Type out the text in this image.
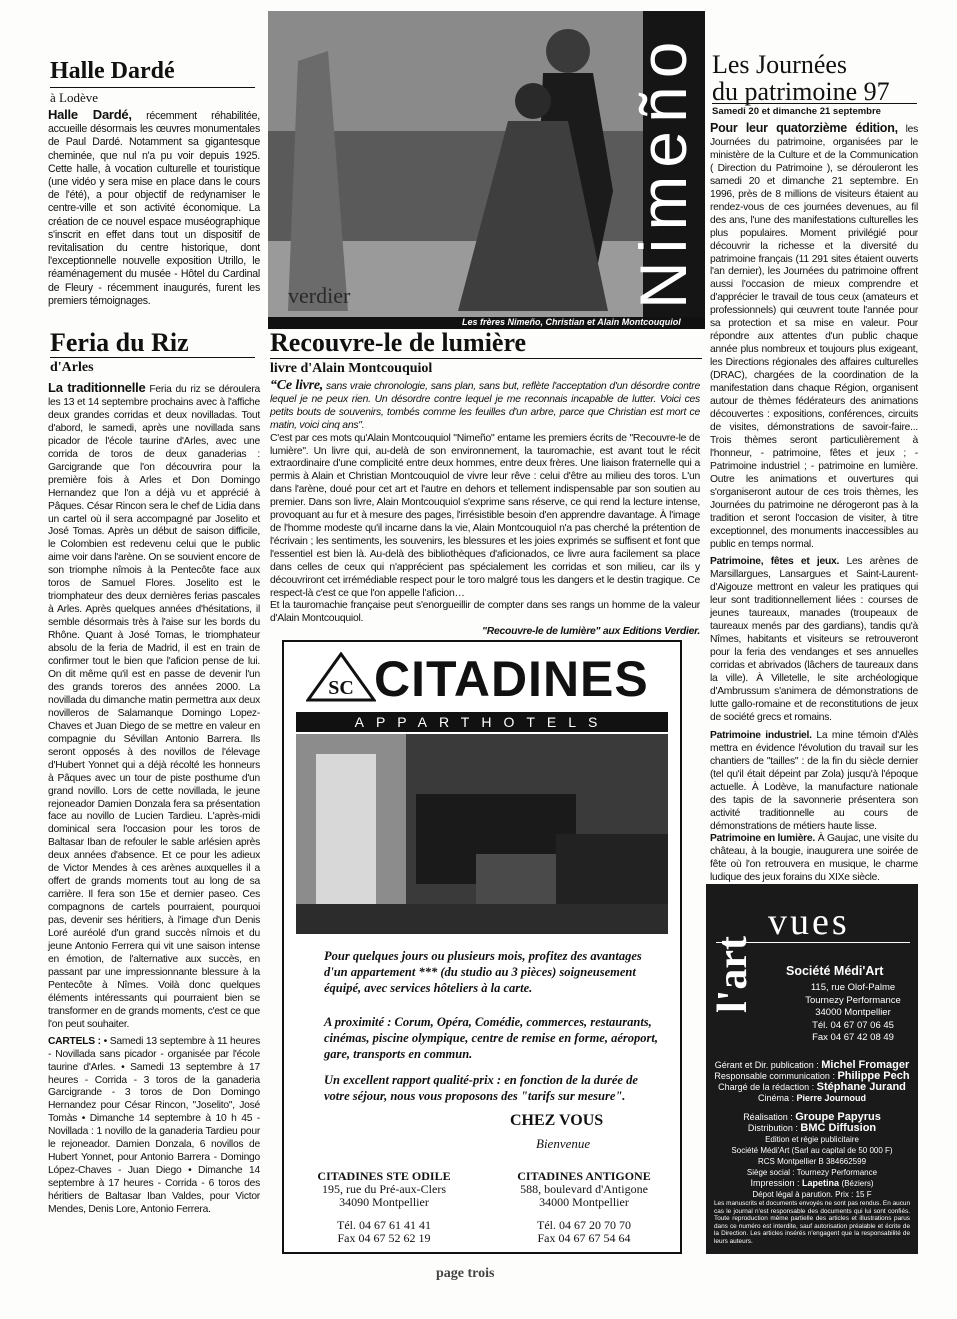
Halle Dardé
à Lodève

Halle Dardé, récemment réhabilitée, accueille désormais les œuvres monumentales de Paul Dardé. Notamment sa gigantesque cheminée, que nul n'a pu voir depuis 1925. Cette halle, à vocation culturelle et touristique (une vidéo y sera mise en place dans le cours de l'été), a pour objectif de redynamiser le centre-ville et son activité économique. La création de ce nouvel espace muséographique s'inscrit en effet dans tout un dispositif de revitalisation du centre historique, dont l'exceptionnelle nouvelle exposition Utrillo, le réaménagement du musée - Hôtel du Cardinal de Fleury - récemment inaugurés, furent les premiers témoignages.

Feria du Riz
d'Arles

La traditionnelle Feria du riz se déroulera les 13 et 14 septembre prochains avec à l'affiche deux grandes corridas et deux novilladas. Tout d'abord, le samedi, après une novillada sans picador de l'école taurine d'Arles, avec une corrida de toros de deux ganaderias : Garcigrande que l'on découvrira pour la première fois à Arles et Don Domingo Hernandez que l'on a déjà vu et apprécié à Pâques. César Rincon sera le chef de Lidia dans un cartel où il sera accompagné par Joselito et José Tomas. Après un début de saison difficile, le Colombien est redevenu celui que le public aime voir dans l'arène. On se souvient encore de son triomphe nîmois à la Pentecôte face aux toros de Samuel Flores. Joselito est le triomphateur des deux dernières ferias pascales à Arles. Après quelques années d'hésitations, il semble désormais très à l'aise sur les bords du Rhône. Quant à José Tomas, le triomphateur absolu de la feria de Madrid, il est en train de confirmer tout le bien que l'aficion pense de lui. On dit même qu'il est en passe de devenir l'un des grands toreros des années 2000. La novillada du dimanche matin permettra aux deux novilleros de Salamanque Domingo Lopez-Chaves et Juan Diego de se mettre en valeur en compagnie du Sévillan Antonio Barrera. Ils seront opposés à des novillos de l'élevage d'Hubert Yonnet qui a déjà récolté les honneurs à Pâques avec un tour de piste posthume d'un grand novillo. Lors de cette novillada, le jeune rejoneador Damien Donzala fera sa présentation face au novillo de Lucien Tardieu. L'après-midi dominical sera l'occasion pour les toros de Baltasar Iban de refouler le sable arlésien après deux années d'absence. Et ce pour les adieux de Victor Mendes à ces arènes auxquelles il a offert de grands moments tout au long de sa carrière. Il fera son 15e et dernier paseo. Ces compagnons de cartels pourraient, pourquoi pas, devenir ses héritiers, à l'image d'un Denis Loré auréolé d'un grand succès nîmois et du jeune Antonio Ferrera qui vit une saison intense en émotion, de l'alternative aux succès, en passant par une impressionnante blessure à la Pentecôte à Nîmes. Voilà donc quelques éléments intéressants qui pourraient bien se transformer en de grands moments, c'est ce que l'on peut souhaiter.

CARTELS : • Samedi 13 septembre à 11 heures - Novillada sans picador - organisée par l'école taurine d'Arles. • Samedi 13 septembre à 17 heures - Corrida - 3 toros de la ganaderia Garcigrande - 3 toros de Don Domingo Hernandez pour César Rincon, "Joselito", José Tomàs • Dimanche 14 septembre à 10 h 45 - Novillada : 1 novillo de la ganaderia Tardieu pour le rejoneador. Damien Donzala, 6 novillos de Hubert Yonnet, pour Antonio Barrera - Domingo López-Chaves - Juan Diego • Dimanche 14 septembre à 17 heures - Corrida - 6 toros des héritiers de Baltasar Iban Valdes, pour Victor Mendes, Denis Lore, Antonio Ferrera.

Nimeño
verdier
Les frères Nimeño, Christian et Alain Montcouquiol
Recouvre-le de lumière
livre d'Alain Montcouquiol

“Ce livre, sans vraie chronologie, sans plan, sans but, reflète l'acceptation d'un désordre contre lequel je ne peux rien. Un désordre contre lequel je me reconnais incapable de lutter. Voici ces petits bouts de souvenirs, tombés comme les feuilles d'un arbre, parce que Christian est mort ce matin, voici cinq ans".

C'est par ces mots qu'Alain Montcouquiol "Nimeño" entame les premiers écrits de "Recouvre-le de lumière". Un livre qui, au-delà de son environnement, la tauromachie, est avant tout le récit extraordinaire d'une complicité entre deux hommes, entre deux frères. Une liaison fraternelle qui a permis à Alain et Christian Montcouquiol de vivre leur rêve : celui d'être au milieu des toros. L'un dans l'arène, doué pour cet art et l'autre en dehors et tellement indispensable par son soutien au premier. Dans son livre, Alain Montcouquiol s'exprime sans réserve, ce qui rend la lecture intense, provoquant au fur et à mesure des pages, l'irrésistible besoin d'en apprendre davantage. À l'image de l'homme modeste qu'il incarne dans la vie, Alain Montcouquiol n'a pas cherché la prétention de l'écrivain ; les sentiments, les souvenirs, les blessures et les joies exprimés se suffisent et font que l'essentiel est bien là. Au-delà des bibliothèques d'aficionados, ce livre aura facilement sa place dans celles de ceux qui n'apprécient pas spécialement les corridas et son milieu, car ils y découvriront cet irrémédiable respect pour le toro malgré tous les dangers et le destin tragique. Ce respect-là c'est ce que l'on appelle l'aficion…

Et la tauromachie française peut s'enorgueillir de compter dans ses rangs un homme de la valeur d'Alain Montcouquiol.

"Recouvre-le de lumière" aux Editions Verdier.

SC CITADINES
APPARTHOTELS
Pour quelques jours ou plusieurs mois, profitez des avantages d'un appartement *** (du studio au 3 pièces) soigneusement équipé, avec services hôteliers à la carte.
A proximité : Corum, Opéra, Comédie, commerces, restaurants, cinémas, piscine olympique, centre de remise en forme, aéroport, gare, transports en commun.
Un excellent rapport qualité-prix : en fonction de la durée de votre séjour, nous vous proposons des "tarifs sur mesure".
CHEZ VOUS
Bienvenue
CITADINES STE ODILE
195, rue du Pré-aux-Clers
34090 Montpellier
Tél. 04 67 61 41 41
Fax 04 67 52 62 19
CITADINES ANTIGONE
588, boulevard d'Antigone
34000 Montpellier
Tél. 04 67 20 70 70
Fax 04 67 67 54 64
Les Journées
du patrimoine 97
Samedi 20 et dimanche 21 septembre

Pour leur quatorzième édition, les Journées du patrimoine, organisées par le ministère de la Culture et de la Communication ( Direction du Patrimoine ), se dérouleront les samedi 20 et dimanche 21 septembre. En 1996, près de 8 millions de visiteurs étaient au rendez-vous de ces journées devenues, au fil des ans, l'une des manifestations culturelles les plus populaires. Moment privilégié pour découvrir la richesse et la diversité du patrimoine français (11 291 sites étaient ouverts l'an dernier), les Journées du patrimoine offrent aussi l'occasion de mieux comprendre et d'apprécier le travail de tous ceux (amateurs et professionnels) qui œuvrent toute l'année pour sa protection et sa mise en valeur. Pour répondre aux attentes d'un public chaque année plus nombreux et toujours plus exigeant, les Directions régionales des affaires culturelles (DRAC), chargées de la coordination de la manifestation dans chaque Région, organisent autour de thèmes fédérateurs des animations découvertes : expositions, conférences, circuits de visites, démonstrations de savoir-faire... Trois thèmes seront particulièrement à l'honneur, - patrimoine, fêtes et jeux ; - Patrimoine industriel ; - patrimoine en lumière. Outre les animations et ouvertures qui s'organiseront autour de ces trois thèmes, les Journées du patrimoine ne dérogeront pas à la tradition et seront l'occasion de visiter, à titre exceptionnel, des monuments inaccessibles au public en temps normal.

Patrimoine, fêtes et jeux. Les arènes de Marsillargues, Lansargues et Saint-Laurent-d'Aigouze mettront en valeur les pratiques qui leur sont traditionnellement liées : courses de jeunes taureaux, manades (troupeaux de taureaux menés par des gardians), tandis qu'à Nîmes, habitants et visiteurs se retrouveront pour la feria des vendanges et ses annuelles corridas et abrivados (lâchers de taureaux dans la ville). À Villetelle, le site archéologique d'Ambrussum s'animera de démonstrations de lutte gallo-romaine et de reconstitutions de jeux de société grecs et romains.

Patrimoine industriel. La mine témoin d'Alès mettra en évidence l'évolution du travail sur les chantiers de "tailles" : de la fin du siècle dernier (tel qu'il était dépeint par Zola) jusqu'à l'époque actuelle. À Lodève, la manufacture nationale des tapis de la savonnerie présentera son activité traditionnelle au cours de démonstrations de métiers haute lisse.

Patrimoine en lumière. À Gaujac, une visite du château, à la bougie, inaugurera une soirée de fête où l'on retrouvera en musique, le charme ludique des jeux forains du XIXe siècle.

vues
l'art Société Médi'Art
115, rue Olof-Palme
Tournezy Performance
34000 Montpellier
Tél. 04 67 07 06 45
Fax 04 67 42 08 49
Gérant et Dir. publication : Michel Fromager
Responsable communication : Philippe Pech
Chargé de la rédaction : Stéphane Jurand
Cinéma : Pierre Journoud
Réalisation : Groupe Papyrus
Distribution : BMC Diffusion
Edition et régie publicitaire
Société Médi'Art (Sarl au capital de 50 000 F)
RCS Montpellier B 384662599
Siège social : Tournezy Performance
Impression : Lapetina (Béziers)
Dépot légal à parution. Prix : 15 F
Les manuscrits et documents envoyés ne sont pas rendus. En aucun cas le journal n'est responsable des documents qui lui sont confiés. Toute reproduction même partielle des articles et illustrations parus dans ce numéro est interdite, sauf autorisation préalable et écrite de la Direction. Les articles insérés n'engagent que la responsabilité de leurs auteurs.
page trois
